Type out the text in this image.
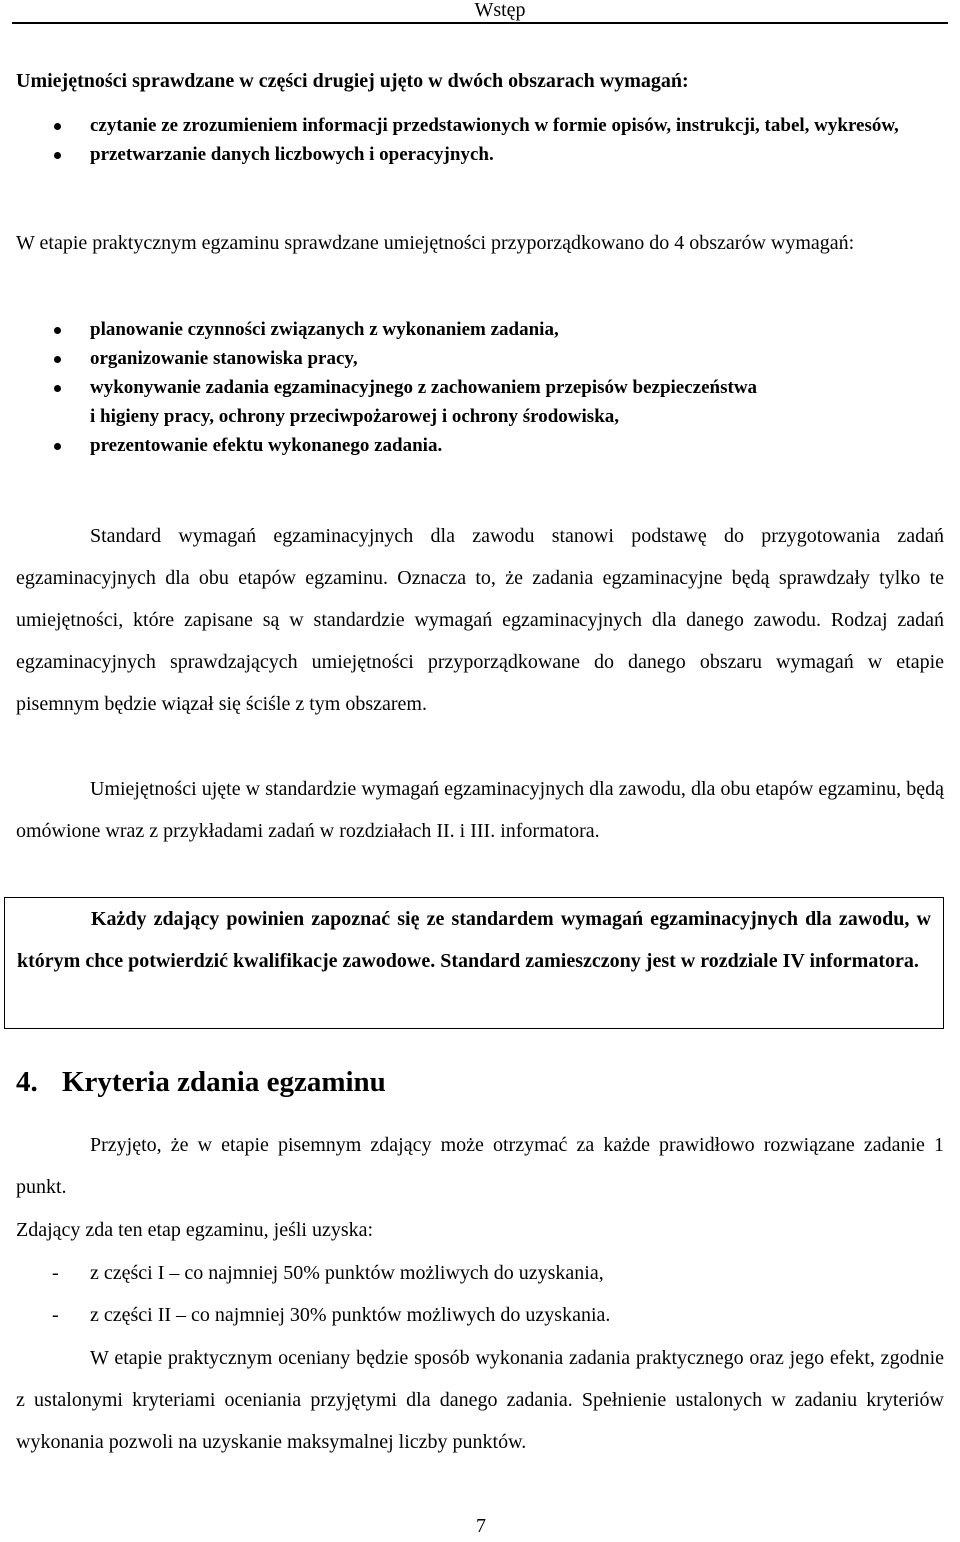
Wstęp
Umiejętności sprawdzane w części drugiej ujęto w dwóch obszarach wymagań:
czytanie ze zrozumieniem informacji przedstawionych w formie opisów, instrukcji, tabel, wykresów,
przetwarzanie danych liczbowych i operacyjnych.
W etapie praktycznym egzaminu sprawdzane umiejętności przyporządkowano do 4 obszarów wymagań:
planowanie czynności związanych z wykonaniem zadania,
organizowanie stanowiska pracy,
wykonywanie zadania egzaminacyjnego z zachowaniem przepisów bezpieczeństwa
i higieny pracy, ochrony przeciwpożarowej i ochrony środowiska,
prezentowanie efektu wykonanego zadania.
Standard wymagań egzaminacyjnych dla zawodu stanowi podstawę do przygotowania zadań egzaminacyjnych dla obu etapów egzaminu. Oznacza to, że zadania egzaminacyjne będą sprawdzały tylko te umiejętności, które zapisane są w standardzie wymagań egzaminacyjnych dla danego zawodu. Rodzaj zadań egzaminacyjnych sprawdzających umiejętności przyporządkowane do danego obszaru wymagań w etapie pisemnym będzie wiązał się ściśle z tym obszarem.
Umiejętności ujęte w standardzie wymagań egzaminacyjnych dla zawodu, dla obu etapów egzaminu, będą omówione wraz z przykładami zadań w rozdziałach II. i III. informatora.
Każdy zdający powinien zapoznać się ze standardem wymagań egzaminacyjnych dla zawodu, w którym chce potwierdzić kwalifikacje zawodowe. Standard zamieszczony jest w rozdziale IV informatora.
4. Kryteria zdania egzaminu
Przyjęto, że w etapie pisemnym zdający może otrzymać za każde prawidłowo rozwiązane zadanie 1 punkt.
Zdający zda ten etap egzaminu, jeśli uzyska:
- z części I – co najmniej 50% punktów możliwych do uzyskania,
- z części II – co najmniej 30% punktów możliwych do uzyskania.
W etapie praktycznym oceniany będzie sposób wykonania zadania praktycznego oraz jego efekt, zgodnie z ustalonymi kryteriami oceniania przyjętymi dla danego zadania. Spełnienie ustalonych w zadaniu kryteriów wykonania pozwoli na uzyskanie maksymalnej liczby punktów.
7
